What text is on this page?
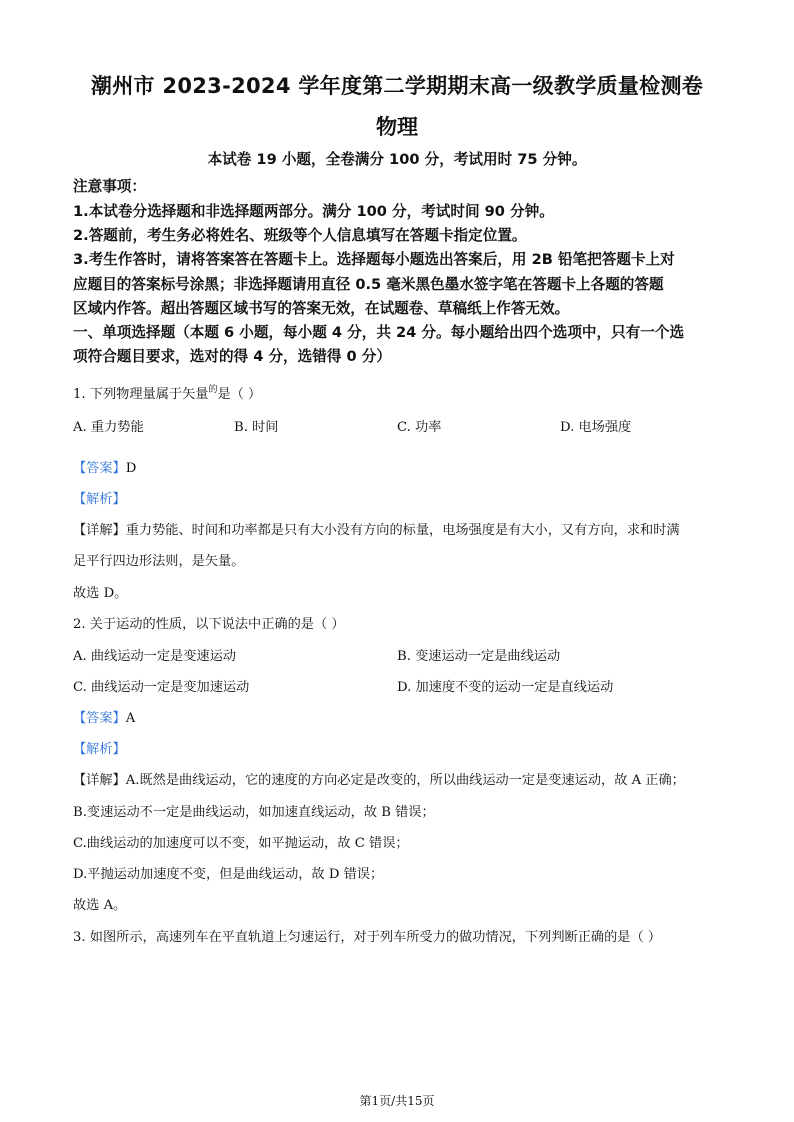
潮州市 2023-2024 学年度第二学期期末高一级教学质量检测卷
物理
本试卷 19 小题，全卷满分 100 分，考试用时 75 分钟。
注意事项：
1.本试卷分选择题和非选择题两部分。满分 100 分，考试时间 90 分钟。
2.答题前，考生务必将姓名、班级等个人信息填写在答题卡指定位置。
3.考生作答时，请将答案答在答题卡上。选择题每小题选出答案后，用 2B 铅笔把答题卡上对
应题目的答案标号涂黑；非选择题请用直径 0.5 毫米黑色墨水签字笔在答题卡上各题的答题
区域内作答。超出答题区域书写的答案无效，在试题卷、草稿纸上作答无效。
一、单项选择题（本题 6 小题，每小题 4 分，共 24 分。每小题给出四个选项中，只有一个选
项符合题目要求，选对的得 4 分，选错得 0 分）
1. 下列物理量属于矢量$^的$是（ ）
A. 重力势能	B. 时间	C. 功率	D. 电场强度
【答案】D
【解析】
【详解】重力势能、时间和功率都是只有大小没有方向的标量，电场强度是有大小，又有方向，求和时满
足平行四边形法则，是矢量。
故选 D。
2. 关于运动的性质，以下说法中正确的是（ ）
A. 曲线运动一定是变速运动	B. 变速运动一定是曲线运动
C. 曲线运动一定是变加速运动	D. 加速度不变的运动一定是直线运动
【答案】A
【解析】
【详解】A.既然是曲线运动，它的速度的方向必定是改变的，所以曲线运动一定是变速运动，故 A 正确；
B.变速运动不一定是曲线运动，如加速直线运动，故 B 错误；
C.曲线运动的加速度可以不变，如平抛运动，故 C 错误；
D.平抛运动加速度不变，但是曲线运动，故 D 错误；
故选 A。
3. 如图所示，高速列车在平直轨道上匀速运行，对于列车所受力的做功情况，下列判断正确的是（ ）
第1页/共15页
